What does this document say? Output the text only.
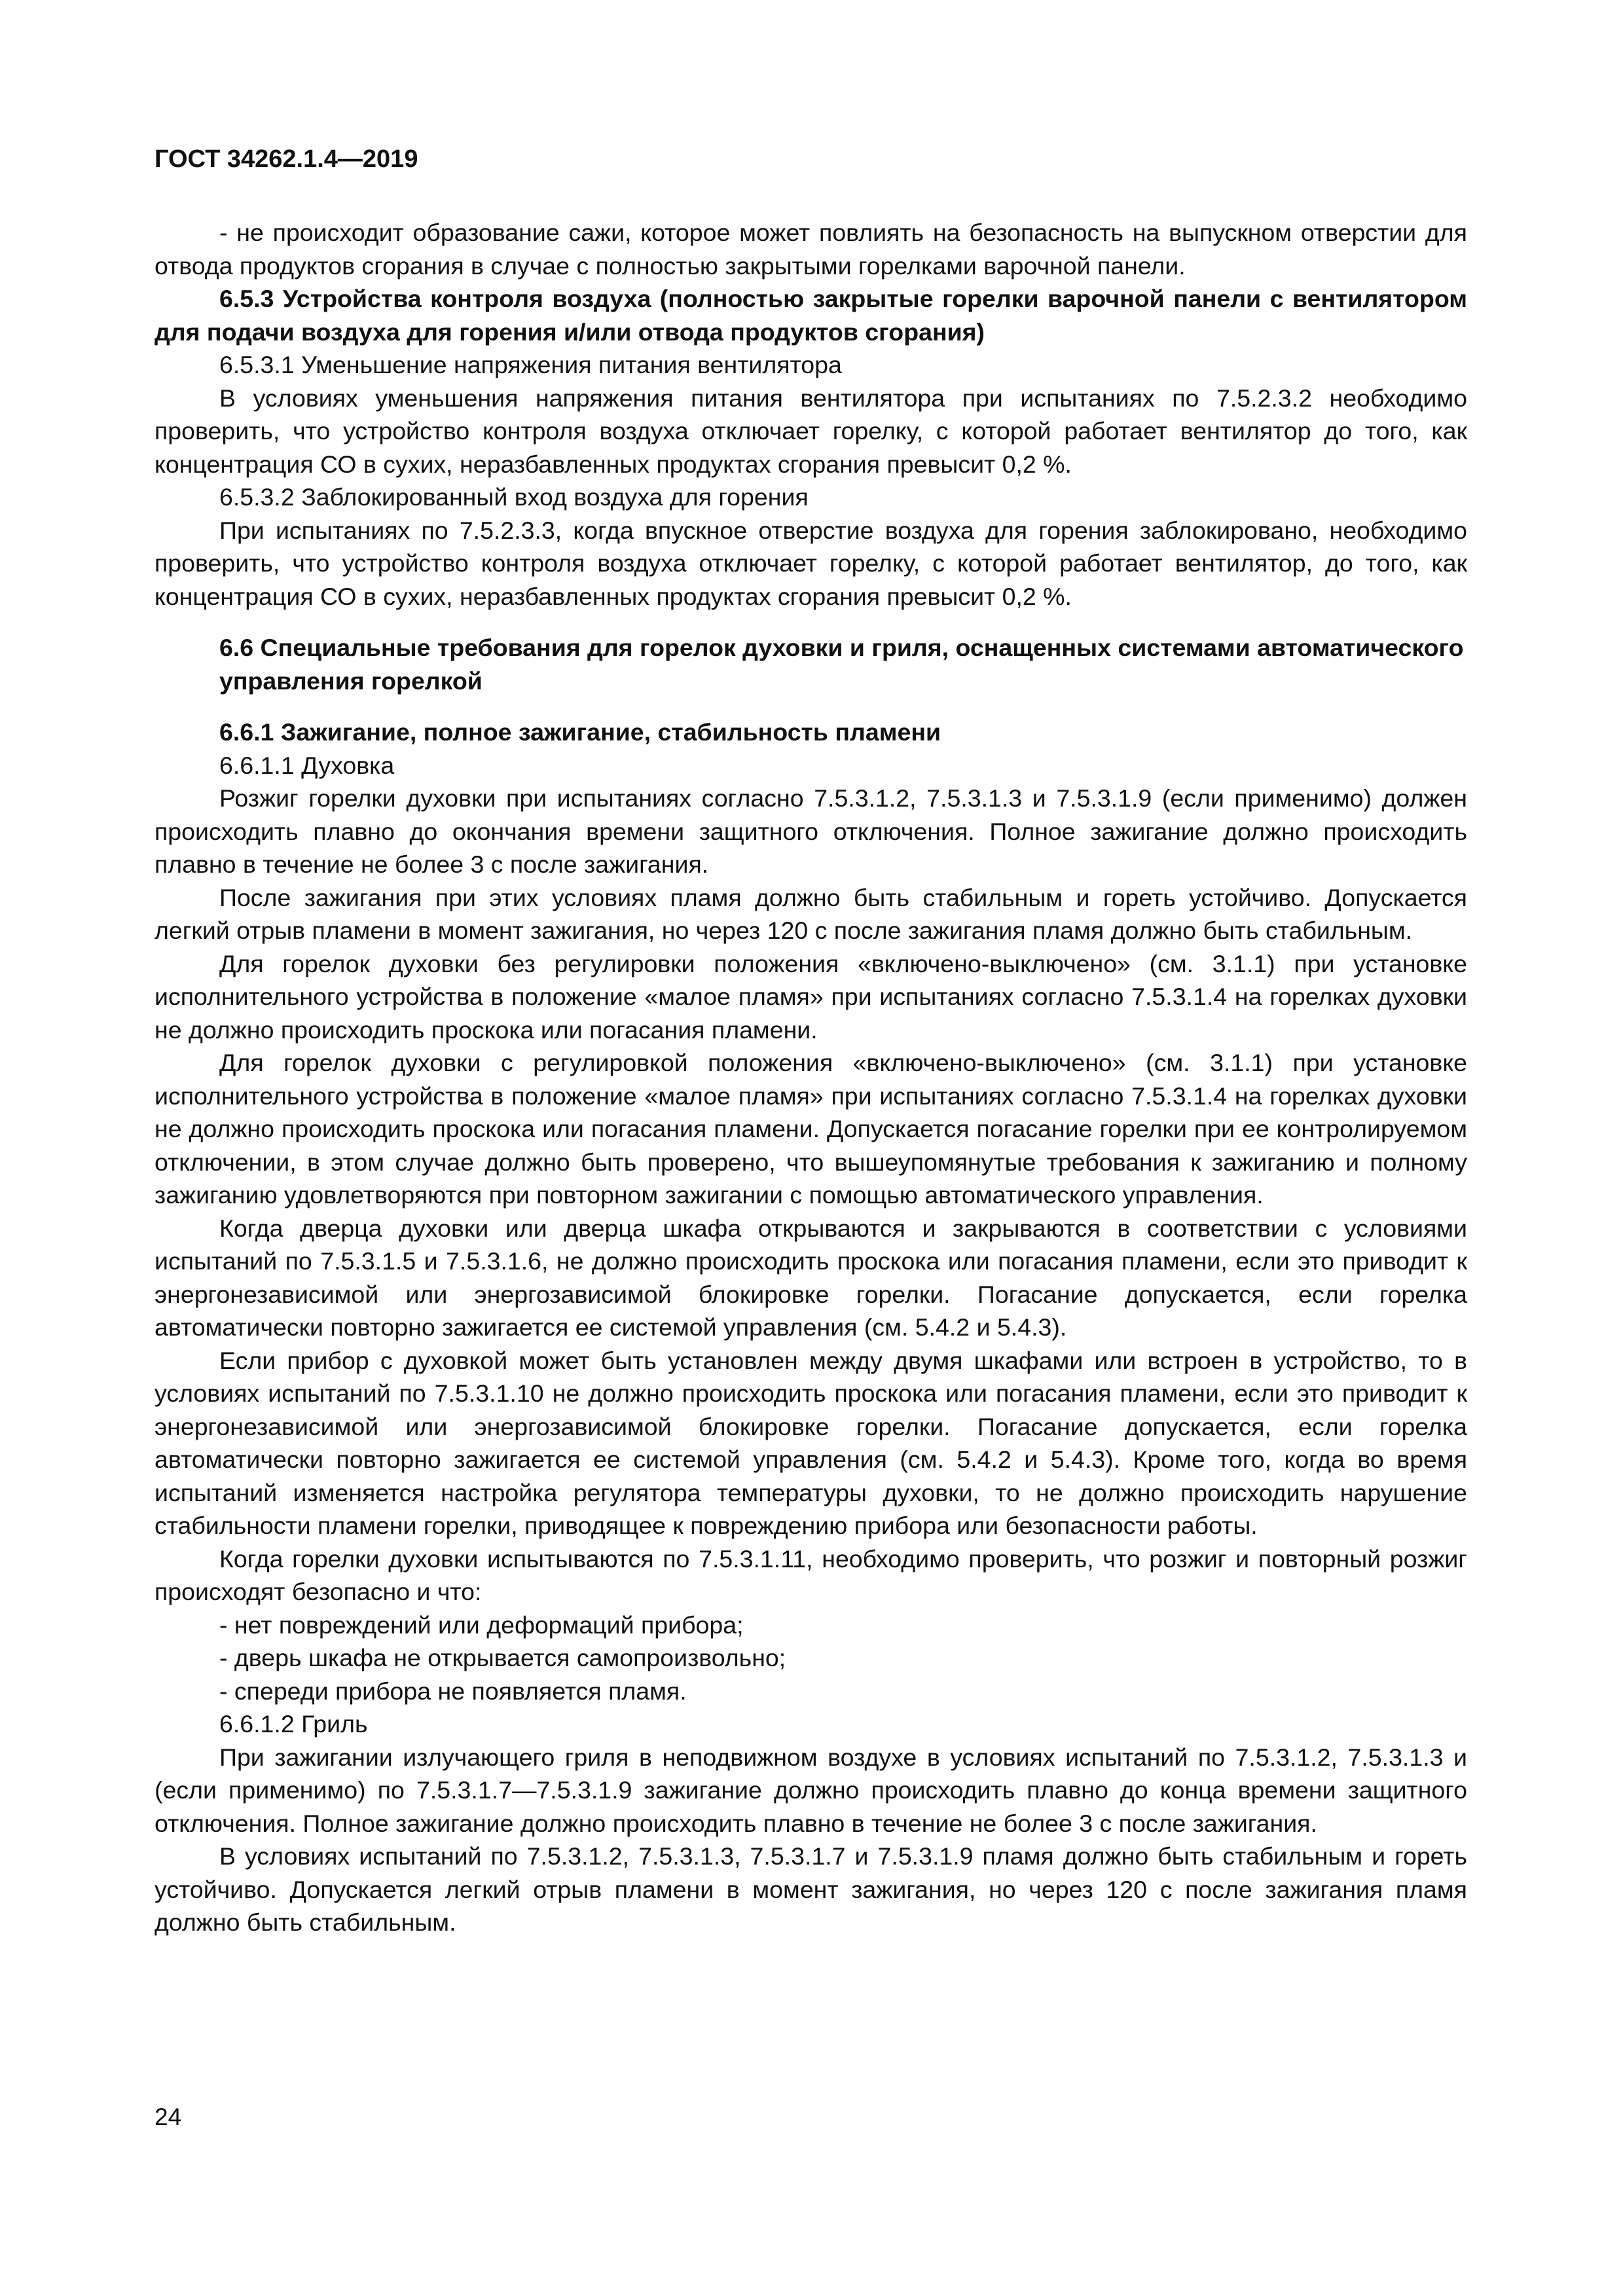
ГОСТ 34262.1.4—2019

- не происходит образование сажи, которое может повлиять на безопасность на выпускном отверстии для отвода продуктов сгорания в случае с полностью закрытыми горелками варочной панели.

6.5.3 Устройства контроля воздуха (полностью закрытые горелки варочной панели с вентилятором для подачи воздуха для горения и/или отвода продуктов сгорания)

6.5.3.1 Уменьшение напряжения питания вентилятора

В условиях уменьшения напряжения питания вентилятора при испытаниях по 7.5.2.3.2 необходимо проверить, что устройство контроля воздуха отключает горелку, с которой работает вентилятор до того, как концентрация СО в сухих, неразбавленных продуктах сгорания превысит 0,2 %.

6.5.3.2 Заблокированный вход воздуха для горения

При испытаниях по 7.5.2.3.3, когда впускное отверстие воздуха для горения заблокировано, необходимо проверить, что устройство контроля воздуха отключает горелку, с которой работает вентилятор, до того, как концентрация СО в сухих, неразбавленных продуктах сгорания превысит 0,2 %.

6.6 Специальные требования для горелок духовки и гриля, оснащенных системами автоматического управления горелкой

6.6.1 Зажигание, полное зажигание, стабильность пламени

6.6.1.1 Духовка

Розжиг горелки духовки при испытаниях согласно 7.5.3.1.2, 7.5.3.1.3 и 7.5.3.1.9 (если применимо) должен происходить плавно до окончания времени защитного отключения. Полное зажигание должно происходить плавно в течение не более 3 с после зажигания.

После зажигания при этих условиях пламя должно быть стабильным и гореть устойчиво. Допускается легкий отрыв пламени в момент зажигания, но через 120 с после зажигания пламя должно быть стабильным.

Для горелок духовки без регулировки положения «включено-выключено» (см. 3.1.1) при установке исполнительного устройства в положение «малое пламя» при испытаниях согласно 7.5.3.1.4 на горелках духовки не должно происходить проскока или погасания пламени.

Для горелок духовки с регулировкой положения «включено-выключено» (см. 3.1.1) при установке исполнительного устройства в положение «малое пламя» при испытаниях согласно 7.5.3.1.4 на горелках духовки не должно происходить проскока или погасания пламени. Допускается погасание горелки при ее контролируемом отключении, в этом случае должно быть проверено, что вышеупомянутые требования к зажиганию и полному зажиганию удовлетворяются при повторном зажигании с помощью автоматического управления.

Когда дверца духовки или дверца шкафа открываются и закрываются в соответствии с условиями испытаний по 7.5.3.1.5 и 7.5.3.1.6, не должно происходить проскока или погасания пламени, если это приводит к энергонезависимой или энергозависимой блокировке горелки. Погасание допускается, если горелка автоматически повторно зажигается ее системой управления (см. 5.4.2 и 5.4.3).

Если прибор с духовкой может быть установлен между двумя шкафами или встроен в устройство, то в условиях испытаний по 7.5.3.1.10 не должно происходить проскока или погасания пламени, если это приводит к энергонезависимой или энергозависимой блокировке горелки. Погасание допускается, если горелка автоматически повторно зажигается ее системой управления (см. 5.4.2 и 5.4.3). Кроме того, когда во время испытаний изменяется настройка регулятора температуры духовки, то не должно происходить нарушение стабильности пламени горелки, приводящее к повреждению прибора или безопасности работы.

Когда горелки духовки испытываются по 7.5.3.1.11, необходимо проверить, что розжиг и повторный розжиг происходят безопасно и что:

- нет повреждений или деформаций прибора;

- дверь шкафа не открывается самопроизвольно;

- спереди прибора не появляется пламя.

6.6.1.2 Гриль

При зажигании излучающего гриля в неподвижном воздухе в условиях испытаний по 7.5.3.1.2, 7.5.3.1.3 и (если применимо) по 7.5.3.1.7—7.5.3.1.9 зажигание должно происходить плавно до конца времени защитного отключения. Полное зажигание должно происходить плавно в течение не более 3 с после зажигания.

В условиях испытаний по 7.5.3.1.2, 7.5.3.1.3, 7.5.3.1.7 и 7.5.3.1.9 пламя должно быть стабильным и гореть устойчиво. Допускается легкий отрыв пламени в момент зажигания, но через 120 с после зажигания пламя должно быть стабильным.

24
